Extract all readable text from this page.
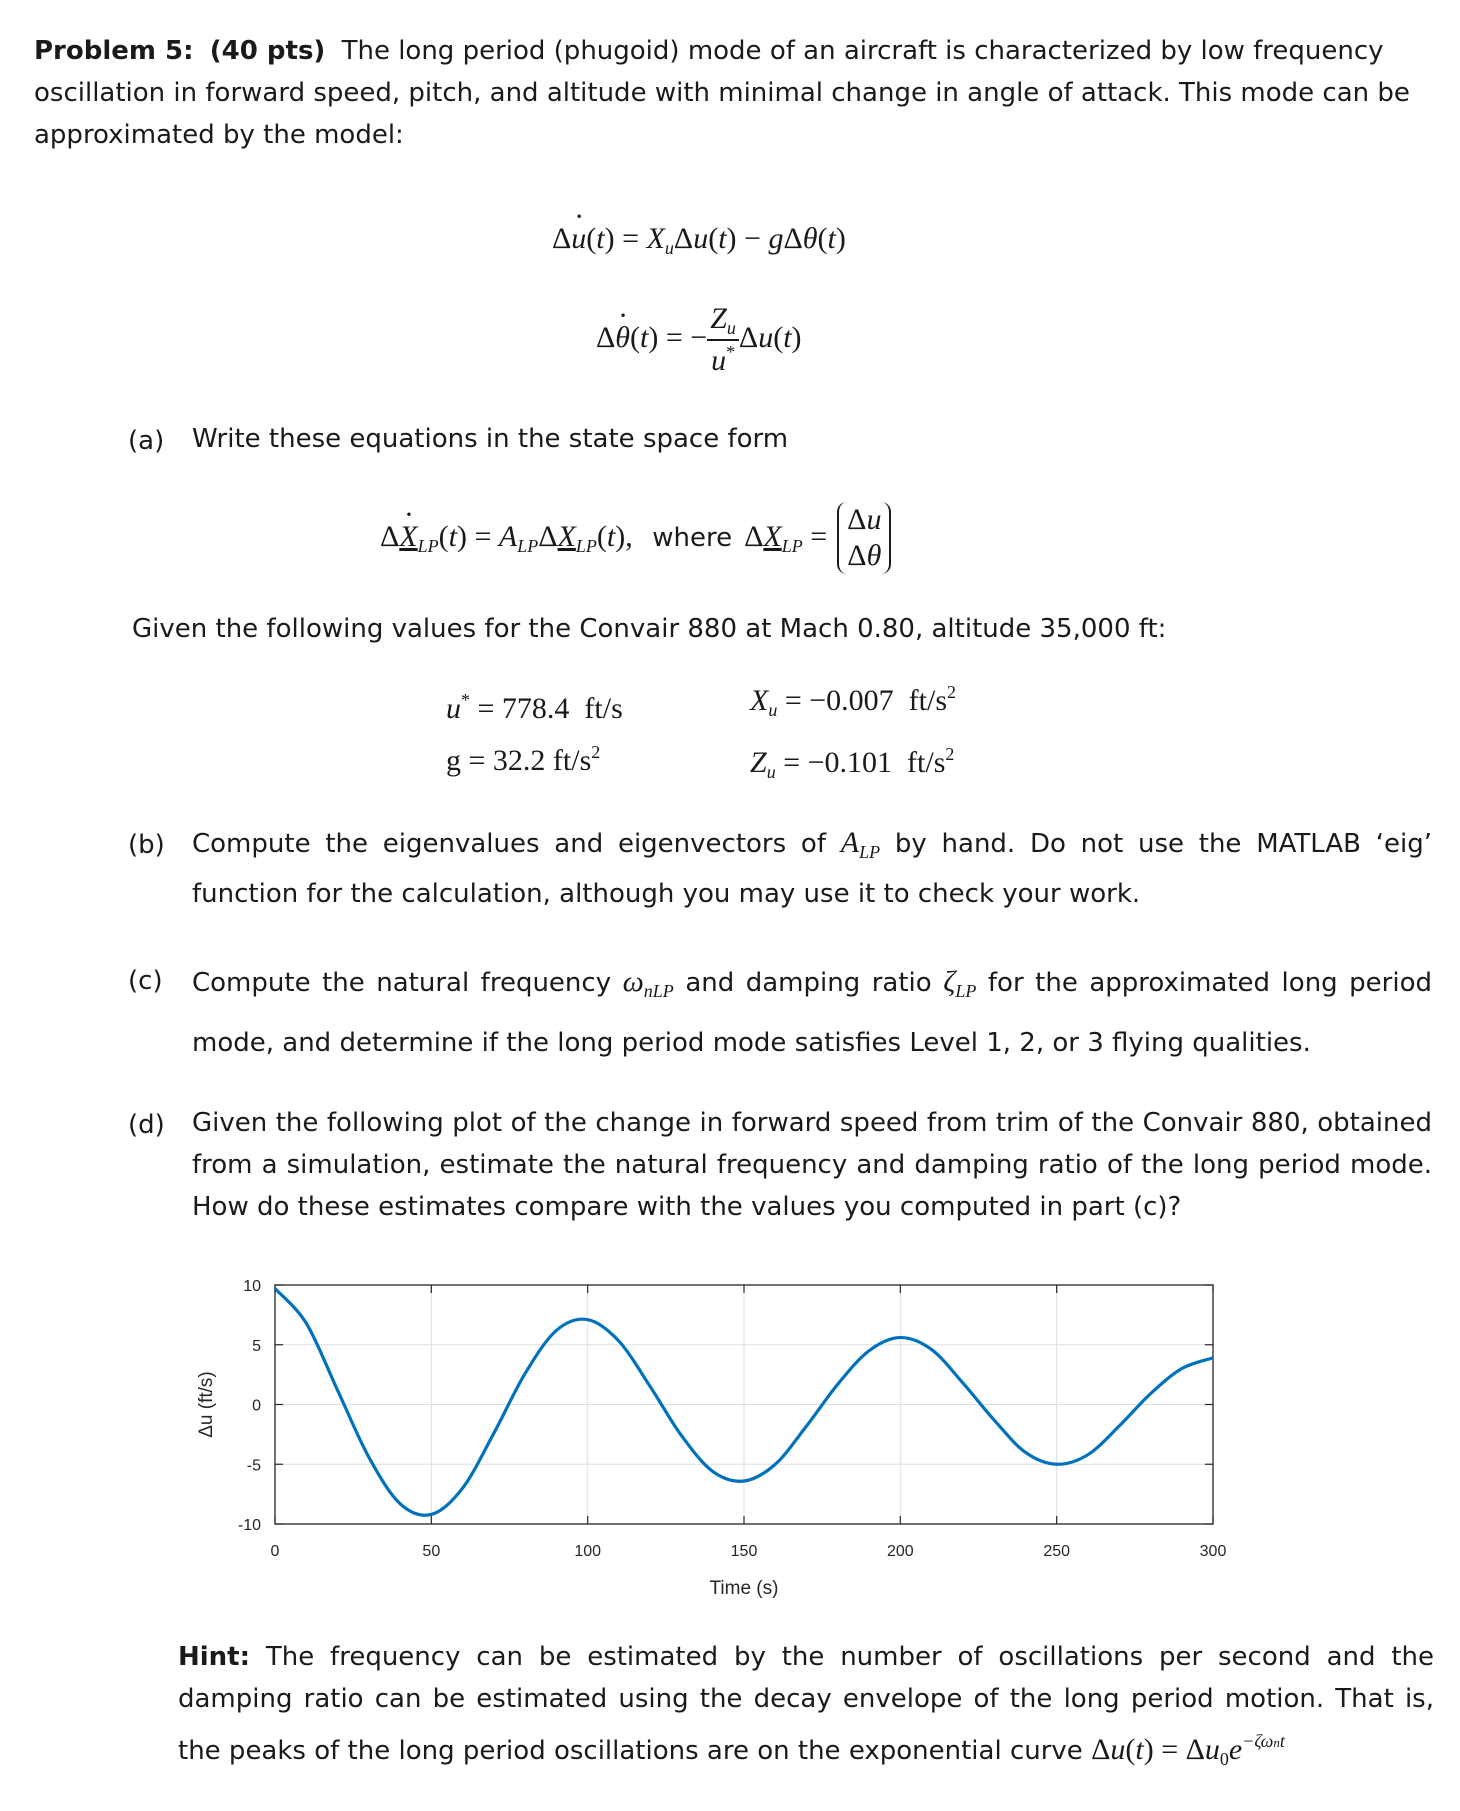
Problem 5: (40 pts) The long period (phugoid) mode of an aircraft is characterized by low frequency oscillation in forward speed, pitch, and altitude with minimal change in angle of attack. This mode can be approximated by the model:
$\Delta u \cdot(t) = X_u\Delta u(t) - g\Delta\theta(t)$
Δθ ·(t) = − $\frac{Z_u}{u^*} \Delta u(t)$
(a) Write these equations in the state space form
$\Delta X \cdot_{LP}(t) = A_{LP}\Delta X_{LP}(t)$, where $\Delta X_{LP} = \Delta u$
Δθ
Given the following values for the Convair 880 at Mach 0.80, altitude 35,000 ft:
u* = 778.4 ft/s
g = 32.2 $ft/s^2$
$X_u = -0.007$ $ft/s^2$
$Z_u = -0.101$ $ft/s^2$
(b) Compute the eigenvalues and eigenvectors of $A_{LP}$ by hand. Do not use the MATLAB ‘eig’ function for the calculation, although you may use it to check your work.
(c) Compute the natural frequency $\omega_{nLP}$ and damping ratio $\zeta_{LP}$ for the approximated long period mode, and determine if the long period mode satisfies Level 1, 2, or 3 flying qualities.
(d) Given the following plot of the change in forward speed from trim of the Convair 880, obtained from a simulation, estimate the natural frequency and damping ratio of the long period mode. How do these estimates compare with the values you computed in part (c)?
0	50	100	150	200	250	300
10
5
0
-5
-10
Time (s)
Δu (ft/s)
Hint: The frequency can be estimated by the number of oscillations per second and the damping ratio can be estimated using the decay envelope of the long period motion. That is, the peaks of the long period oscillations are on the exponential curve $\Delta u(t) = \Delta u_0e^{-\zeta\omega nt}$
